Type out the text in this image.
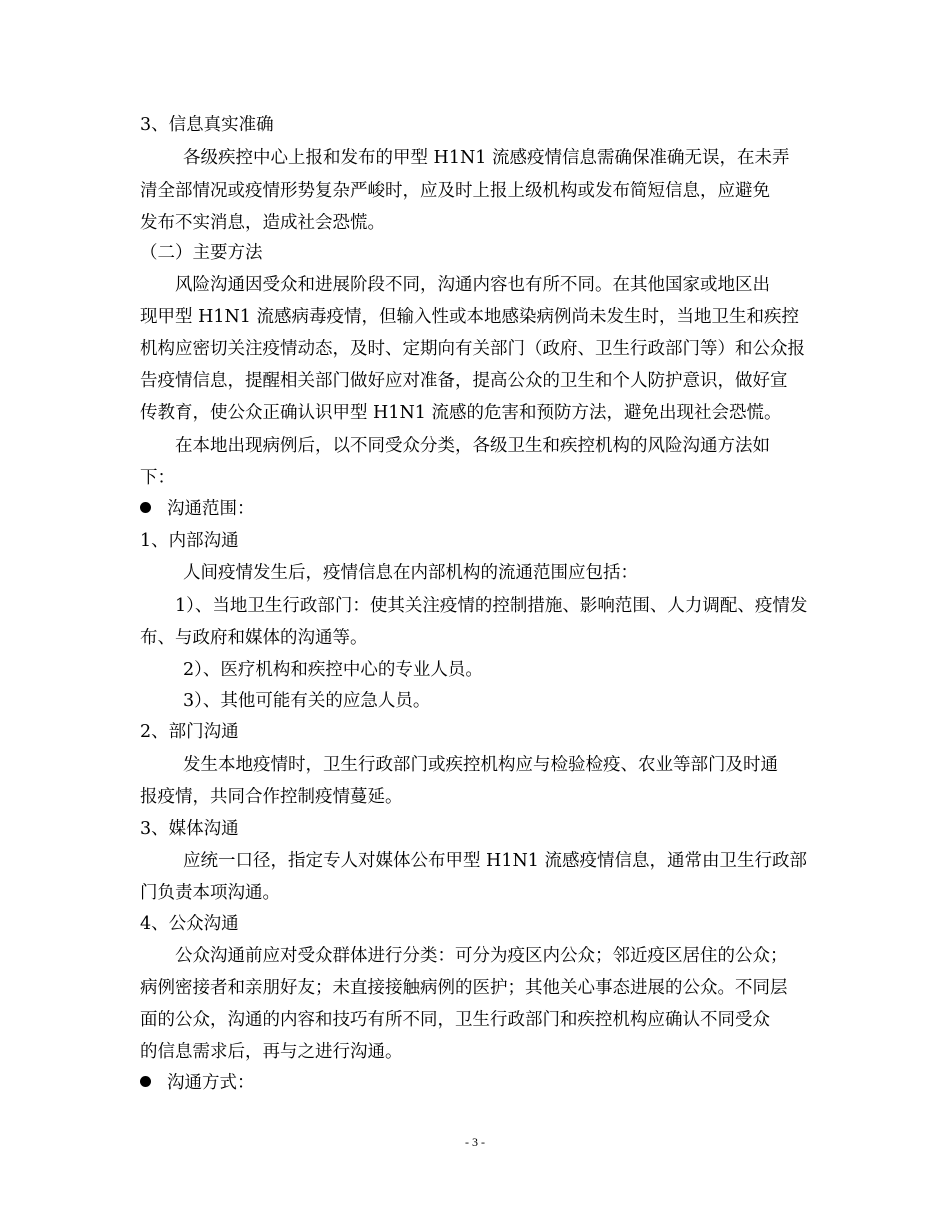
3、信息真实准确
各级疾控中心上报和发布的甲型 H1N1 流感疫情信息需确保准确无误，在未弄
清全部情况或疫情形势复杂严峻时，应及时上报上级机构或发布简短信息，应避免
发布不实消息，造成社会恐慌。
（二）主要方法
风险沟通因受众和进展阶段不同，沟通内容也有所不同。在其他国家或地区出
现甲型 H1N1 流感病毒疫情，但输入性或本地感染病例尚未发生时，当地卫生和疾控
机构应密切关注疫情动态，及时、定期向有关部门（政府、卫生行政部门等）和公众报
告疫情信息，提醒相关部门做好应对准备，提高公众的卫生和个人防护意识，做好宣
传教育，使公众正确认识甲型 H1N1 流感的危害和预防方法，避免出现社会恐慌。
在本地出现病例后，以不同受众分类，各级卫生和疾控机构的风险沟通方法如
下：
沟通范围：
1、内部沟通
人间疫情发生后，疫情信息在内部机构的流通范围应包括：
1）、当地卫生行政部门：使其关注疫情的控制措施、影响范围、人力调配、疫情发
布、与政府和媒体的沟通等。
2）、医疗机构和疾控中心的专业人员。
3）、其他可能有关的应急人员。
2、部门沟通
发生本地疫情时，卫生行政部门或疾控机构应与检验检疫、农业等部门及时通
报疫情，共同合作控制疫情蔓延。
3、媒体沟通
应统一口径，指定专人对媒体公布甲型 H1N1 流感疫情信息，通常由卫生行政部
门负责本项沟通。
4、公众沟通
公众沟通前应对受众群体进行分类：可分为疫区内公众；邻近疫区居住的公众；
病例密接者和亲朋好友；未直接接触病例的医护；其他关心事态进展的公众。不同层
面的公众，沟通的内容和技巧有所不同，卫生行政部门和疾控机构应确认不同受众
的信息需求后，再与之进行沟通。
沟通方式：
- 3 -
